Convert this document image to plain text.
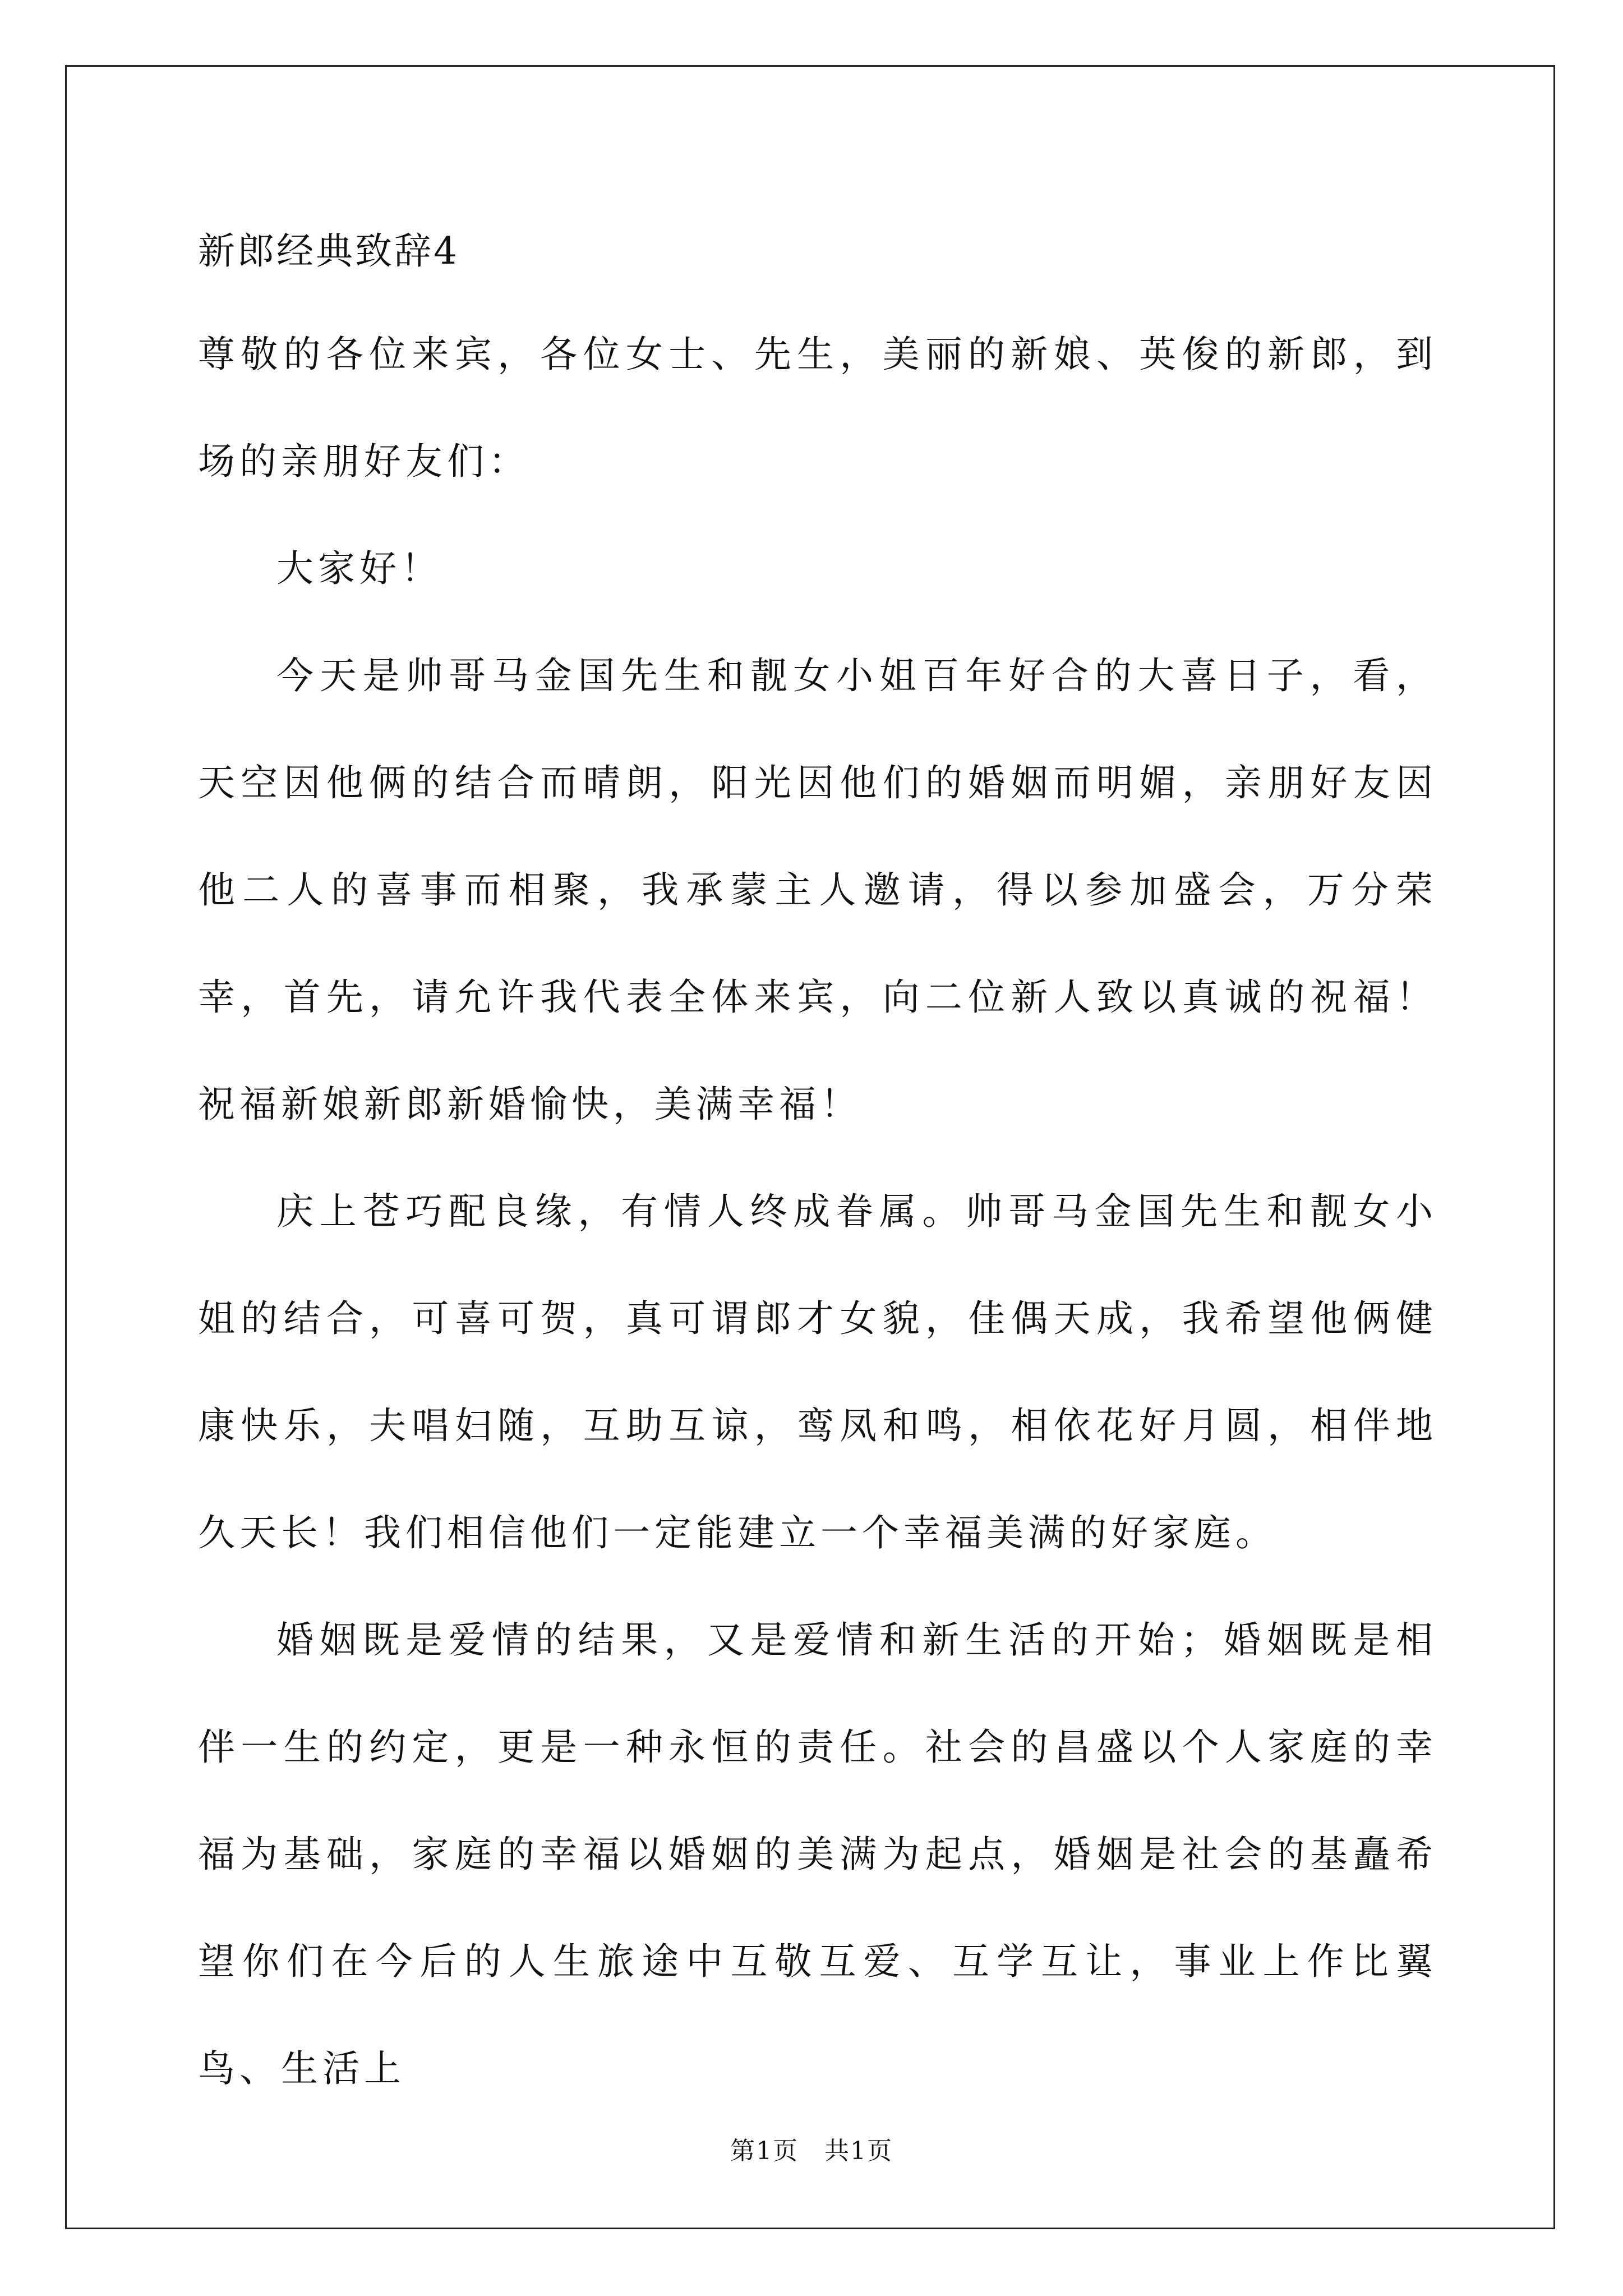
新郎经典致辞4

尊敬的各位来宾，各位女士、先生，美丽的新娘、英俊的新郎，到场的亲朋好友们：

大家好！

今天是帅哥马金国先生和靓女小姐百年好合的大喜日子，看，天空因他俩的结合而晴朗，阳光因他们的婚姻而明媚，亲朋好友因他二人的喜事而相聚，我承蒙主人邀请，得以参加盛会，万分荣幸，首先，请允许我代表全体来宾，向二位新人致以真诚的祝福！祝福新娘新郎新婚愉快，美满幸福！

庆上苍巧配良缘，有情人终成眷属。帅哥马金国先生和靓女小姐的结合，可喜可贺，真可谓郎才女貌，佳偶天成，我希望他俩健康快乐，夫唱妇随，互助互谅，鸾凤和鸣，相依花好月圆，相伴地久天长！我们相信他们一定能建立一个幸福美满的好家庭。

婚姻既是爱情的结果，又是爱情和新生活的开始；婚姻既是相伴一生的约定，更是一种永恒的责任。社会的昌盛以个人家庭的幸福为基础，家庭的幸福以婚姻的美满为起点，婚姻是社会的基矗希望你们在今后的人生旅途中互敬互爱、互学互让，事业上作比翼鸟、生活上

第1页　共1页
